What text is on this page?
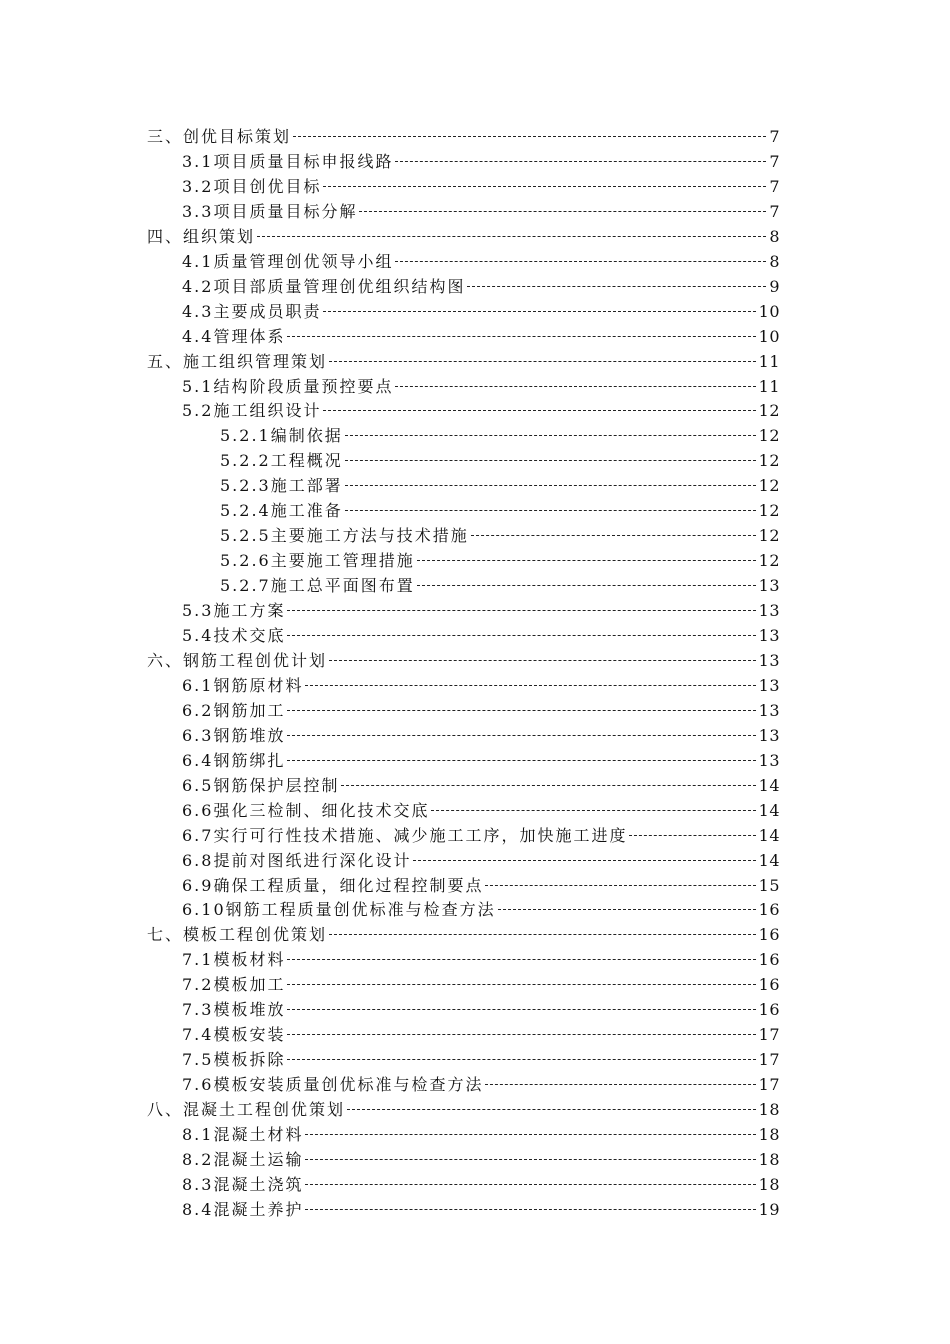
三、创优目标策划	7
3.1项目质量目标申报线路	7
3.2项目创优目标	7
3.3项目质量目标分解	7
四、组织策划	8
4.1质量管理创优领导小组	8
4.2项目部质量管理创优组织结构图	9
4.3主要成员职责	10
4.4管理体系	10
五、施工组织管理策划	11
5.1结构阶段质量预控要点	11
5.2施工组织设计	12
5.2.1编制依据	12
5.2.2工程概况	12
5.2.3施工部署	12
5.2.4施工准备	12
5.2.5主要施工方法与技术措施	12
5.2.6主要施工管理措施	12
5.2.7施工总平面图布置	13
5.3施工方案	13
5.4技术交底	13
六、钢筋工程创优计划	13
6.1钢筋原材料	13
6.2钢筋加工	13
6.3钢筋堆放	13
6.4钢筋绑扎	13
6.5钢筋保护层控制	14
6.6强化三检制、细化技术交底	14
6.7实行可行性技术措施、减少施工工序，加快施工进度	14
6.8提前对图纸进行深化设计	14
6.9确保工程质量，细化过程控制要点	15
6.10钢筋工程质量创优标准与检查方法	16
七、模板工程创优策划	16
7.1模板材料	16
7.2模板加工	16
7.3模板堆放	16
7.4模板安装	17
7.5模板拆除	17
7.6模板安装质量创优标准与检查方法	17
八、混凝土工程创优策划	18
8.1混凝土材料	18
8.2混凝土运输	18
8.3混凝土浇筑	18
8.4混凝土养护	19
